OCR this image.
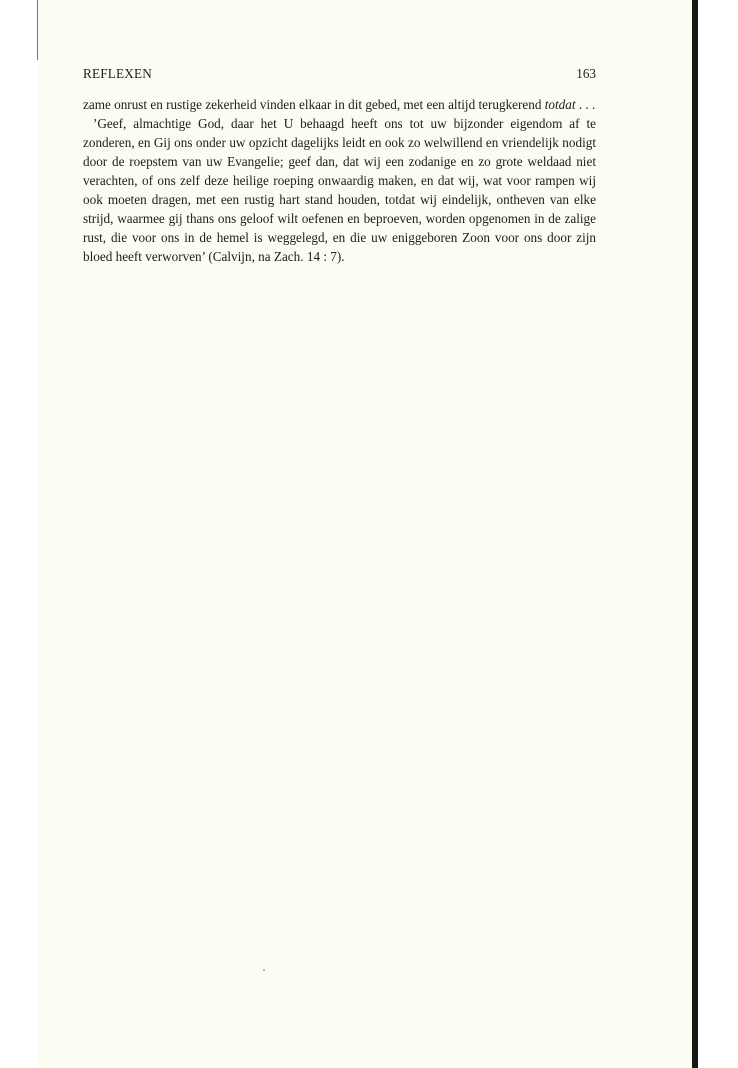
REFLEXEN	163

zame onrust en rustige zekerheid vinden elkaar in dit gebed, met een altijd terugkerend totdat . . .

’Geef, almachtige God, daar het U behaagd heeft ons tot uw bijzonder eigendom af te zonderen, en Gij ons onder uw opzicht dagelijks leidt en ook zo welwillend en vriendelijk nodigt door de roepstem van uw Evangelie; geef dan, dat wij een zodanige en zo grote weldaad niet verachten, of ons zelf deze heilige roeping onwaardig maken, en dat wij, wat voor rampen wij ook moeten dragen, met een rustig hart stand houden, totdat wij eindelijk, ontheven van elke strijd, waarmee gij thans ons geloof wilt oefenen en beproeven, worden opgenomen in de zalige rust, die voor ons in de hemel is weggelegd, en die uw eniggeboren Zoon voor ons door zijn bloed heeft verworven’ (Calvijn, na Zach. 14 : 7).
